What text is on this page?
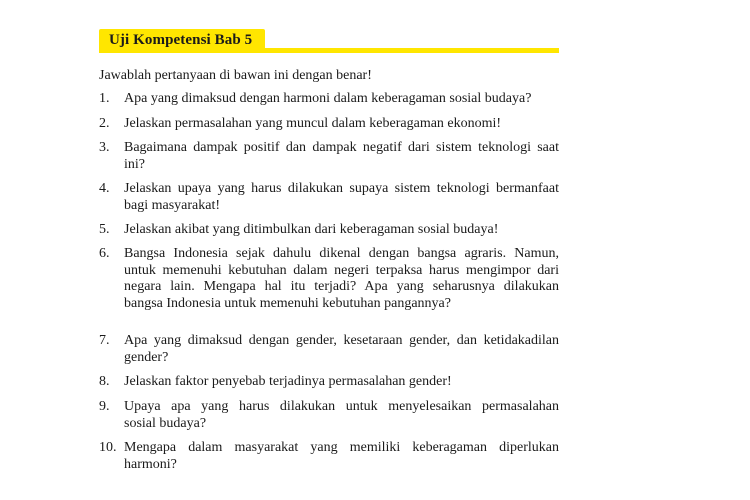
Uji Kompetensi Bab 5
Jawablah pertanyaan di bawan ini dengan benar!
1. Apa yang dimaksud dengan harmoni dalam keberagaman sosial budaya?
2. Jelaskan permasalahan yang muncul dalam keberagaman ekonomi!
3. Bagaimana dampak positif dan dampak negatif dari sistem teknologi saat
ini?
4. Jelaskan upaya yang harus dilakukan supaya sistem teknologi bermanfaat
bagi masyarakat!
5. Jelaskan akibat yang ditimbulkan dari keberagaman sosial budaya!
6. Bangsa Indonesia sejak dahulu dikenal dengan bangsa agraris. Namun,
untuk memenuhi kebutuhan dalam negeri terpaksa harus mengimpor dari
negara lain. Mengapa hal itu terjadi? Apa yang seharusnya dilakukan
bangsa Indonesia untuk memenuhi kebutuhan pangannya?
7. Apa yang dimaksud dengan gender, kesetaraan gender, dan ketidakadilan
gender?
8. Jelaskan faktor penyebab terjadinya permasalahan gender!
9. Upaya apa yang harus dilakukan untuk menyelesaikan permasalahan
sosial budaya?
10. Mengapa dalam masyarakat yang memiliki keberagaman diperlukan
harmoni?
